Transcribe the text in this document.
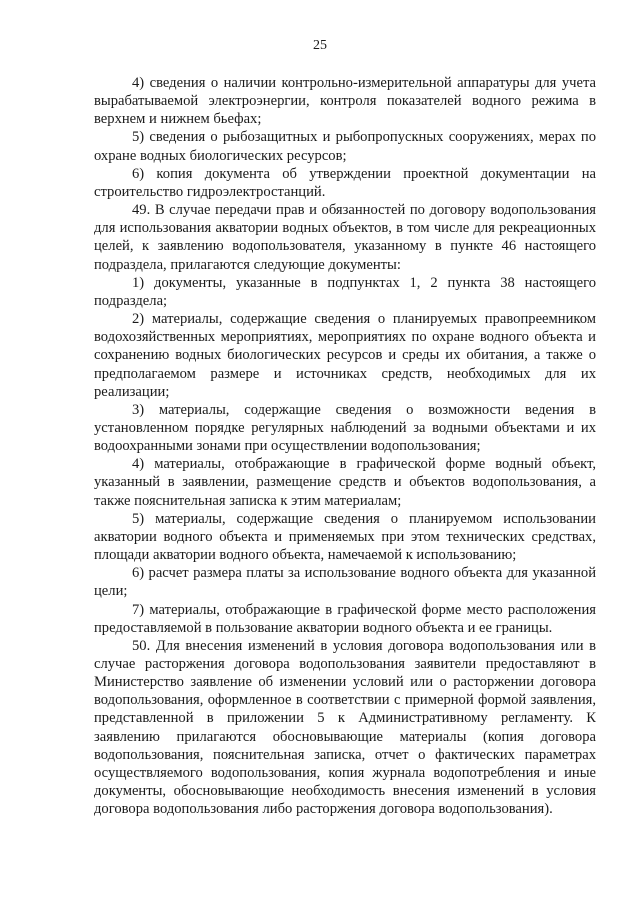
25

4) сведения о наличии контрольно-измерительной аппаратуры для учета вырабатываемой электроэнергии, контроля показателей водного режима в верхнем и нижнем бьефах;

5) сведения о рыбозащитных и рыбопропускных сооружениях, мерах по охране водных биологических ресурсов;

6) копия документа об утверждении проектной документации на строительство гидроэлектростанций.

49. В случае передачи прав и обязанностей по договору водопользования для использования акватории водных объектов, в том числе для рекреационных целей, к заявлению водопользователя, указанному в пункте 46 настоящего подраздела, прилагаются следующие документы:

1) документы, указанные в подпунктах 1, 2 пункта 38 настоящего подраздела;

2) материалы, содержащие сведения о планируемых правопреемником водохозяйственных мероприятиях, мероприятиях по охране водного объекта и сохранению водных биологических ресурсов и среды их обитания, а также о предполагаемом размере и источниках средств, необходимых для их реализации;

3) материалы, содержащие сведения о возможности ведения в установленном порядке регулярных наблюдений за водными объектами и их водоохранными зонами при осуществлении водопользования;

4) материалы, отображающие в графической форме водный объект, указанный в заявлении, размещение средств и объектов водопользования, а также пояснительная записка к этим материалам;

5) материалы, содержащие сведения о планируемом использовании акватории водного объекта и применяемых при этом технических средствах, площади акватории водного объекта, намечаемой к использованию;

6) расчет размера платы за использование водного объекта для указанной цели;

7) материалы, отображающие в графической форме место расположения предоставляемой в пользование акватории водного объекта и ее границы.

50. Для внесения изменений в условия договора водопользования или в случае расторжения договора водопользования заявители предоставляют в Министерство заявление об изменении условий или о расторжении договора водопользования, оформленное в соответствии с примерной формой заявления, представленной в приложении 5 к Административному регламенту. К заявлению прилагаются обосновывающие материалы (копия договора водопользования, пояснительная записка, отчет о фактических параметрах осуществляемого водопользования, копия журнала водопотребления и иные документы, обосновывающие необходимость внесения изменений в условия договора водопользования либо расторжения договора водопользования).
